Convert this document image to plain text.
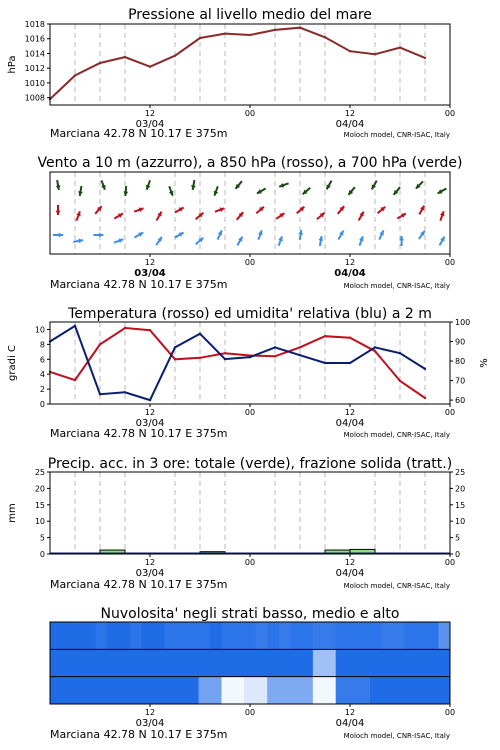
Pressione al livello medio del mare
12	00	12	00
03/04	04/04
1008
1010
1012
1014
1016
1018
hPa
Marciana 42.78 N 10.17 E 375m	Moloch model, CNR-ISAC, Italy
Vento a 10 m (azzurro), a 850 hPa (rosso), a 700 hPa (verde)
12	00	12	00
03/04	04/04
Marciana 42.78 N 10.17 E 375m	Moloch model, CNR-ISAC, Italy
Temperatura (rosso) ed umidita' relativa (blu) a 2 m
12	00	12	00
03/04	04/04
0
2
4
6
8
10
60
70
80
90
100
gradi C	%
Marciana 42.78 N 10.17 E 375m	Moloch model, CNR-ISAC, Italy
Precip. acc. in 3 ore: totale (verde), frazione solida (tratt.)
12	00	12	00
03/04	04/04
0
5
10
15
20
25
0
5
10
15
20
25
mm
Marciana 42.78 N 10.17 E 375m	Moloch model, CNR-ISAC, Italy
Nuvolosita' negli strati basso, medio e alto
12	00	12	00
03/04	04/04
Marciana 42.78 N 10.17 E 375m	Moloch model, CNR-ISAC, Italy
